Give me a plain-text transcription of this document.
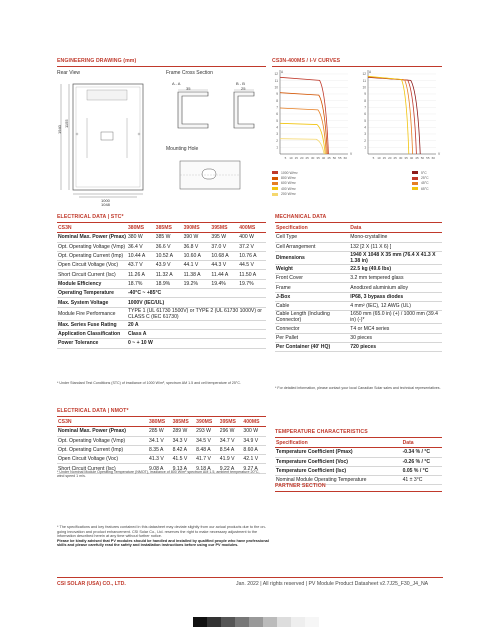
ENGINEERING DRAWING (mm)
Rear View	Frame Cross Section
A - A	B - B
Mounting Hole
1940
1155
1000
1048
35	25
CS3N-400MS / I-V CURVES
12
11
10
9
8
7
6
5
4
3
2
1
5 10 15 20 25 30 35 40 45 50 55 60
A
V
12
11
10
9
8
7
6
5
4
3
2
1
5 10 15 20 25 30 35 40 45 50 55 60
A
V
1000 W/m²
800 W/m²
600 W/m²
400 W/m²
200 W/m²
5°C
25°C
45°C
65°C
ELECTRICAL DATA | STC*
CS3N	380MS	385MS	390MS	395MS	400MS
Nominal Max. Power (Pmax)	380 W	385 W	390 W	395 W	400 W
Opt. Operating Voltage (Vmp)	36.4 V	36.6 V	36.8 V	37.0 V	37.2 V
Opt. Operating Current (Imp)	10.44 A	10.52 A	10.60 A	10.68 A	10.76 A
Open Circuit Voltage (Voc)	43.7 V	43.9 V	44.1 V	44.3 V	44.5 V
Short Circuit Current (Isc)	11.26 A	11.32 A	11.38 A	11.44 A	11.50 A
Module Efficiency	18.7%	18.9%	19.2%	19.4%	19.7%
Operating Temperature	-40°C ~ +85°C				
Max. System Voltage	1000V (IEC/UL)				
Module Fire Performance	TYPE 1 (UL 61730 1500V) or TYPE 2 (UL 61730 1000V) or CLASS C (IEC 61730)				
Max. Series Fuse Rating	20 A				
Application Classification	Class A				
Power Tolerance	0 ~ + 10 W				
* Under Standard Test Conditions (STC) of irradiance of 1000 W/m², spectrum AM 1.5 and cell temperature of 25°C.
MECHANICAL DATA
Specification	Data
Cell Type	Mono-crystalline
Cell Arrangement	132 [2 X (11 X 6) ]
Dimensions	1940 X 1048 X 35 mm (76.4 X 41.3 X 1.38 in)
Weight	22.5 kg (49.6 lbs)
Front Cover	3.2 mm tempered glass
Frame	Anodized aluminium alloy
J-Box	IP68, 3 bypass diodes
Cable	4 mm² (IEC), 12 AWG (UL)
Cable Length (Including Connector)	1650 mm (65.0 in) (+) / 1000 mm (39.4 in) (-)*
Connector	T4 or MC4 series
Per Pallet	30 pieces
Per Container (40' HQ)	720 pieces
* For detailed information, please contact your local Canadian Solar sales and technical representatives.
ELECTRICAL DATA | NMOT*
CS3N	380MS	385MS	390MS	395MS	400MS
Nominal Max. Power (Pmax)	285 W	289 W	293 W	296 W	300 W
Opt. Operating Voltage (Vmp)	34.1 V	34.3 V	34.5 V	34.7 V	34.9 V
Opt. Operating Current (Imp)	8.35 A	8.42 A	8.48 A	8.54 A	8.60 A
Open Circuit Voltage (Voc)	41.3 V	41.5 V	41.7 V	41.9 V	42.1 V
Short Circuit Current (Isc)	9.08 A	9.13 A	9.18 A	9.22 A	9.27 A
* Under Nominal Module Operating Temperature (NMOT), irradiance of 800 W/m² spectrum AM 1.5, ambient temperature 20°C, wind speed 1 m/s.
TEMPERATURE CHARACTERISTICS
Specification	Data
Temperature Coefficient (Pmax)	-0.34 % / °C
Temperature Coefficient (Voc)	-0.26 % / °C
Temperature Coefficient (Isc)	0.05 % / °C
Nominal Module Operating Temperature	41 ± 3°C
PARTNER SECTION
* The specifications and key features contained in this datasheet may deviate slightly from our actual products due to the on-going innovation and product enhancement. CSI Solar Co., Ltd. reserves the right to make necessary adjustment to the information described herein at any time without further notice.
Please be kindly advised that PV modules should be handled and installed by qualified people who have professional skills and please carefully read the safety and installation instructions before using our PV modules.
CSI SOLAR (USA) CO., LTD.	Jan. 2022 | All rights reserved | PV Module Product Datasheet v2.7J25_F30_J4_NA
